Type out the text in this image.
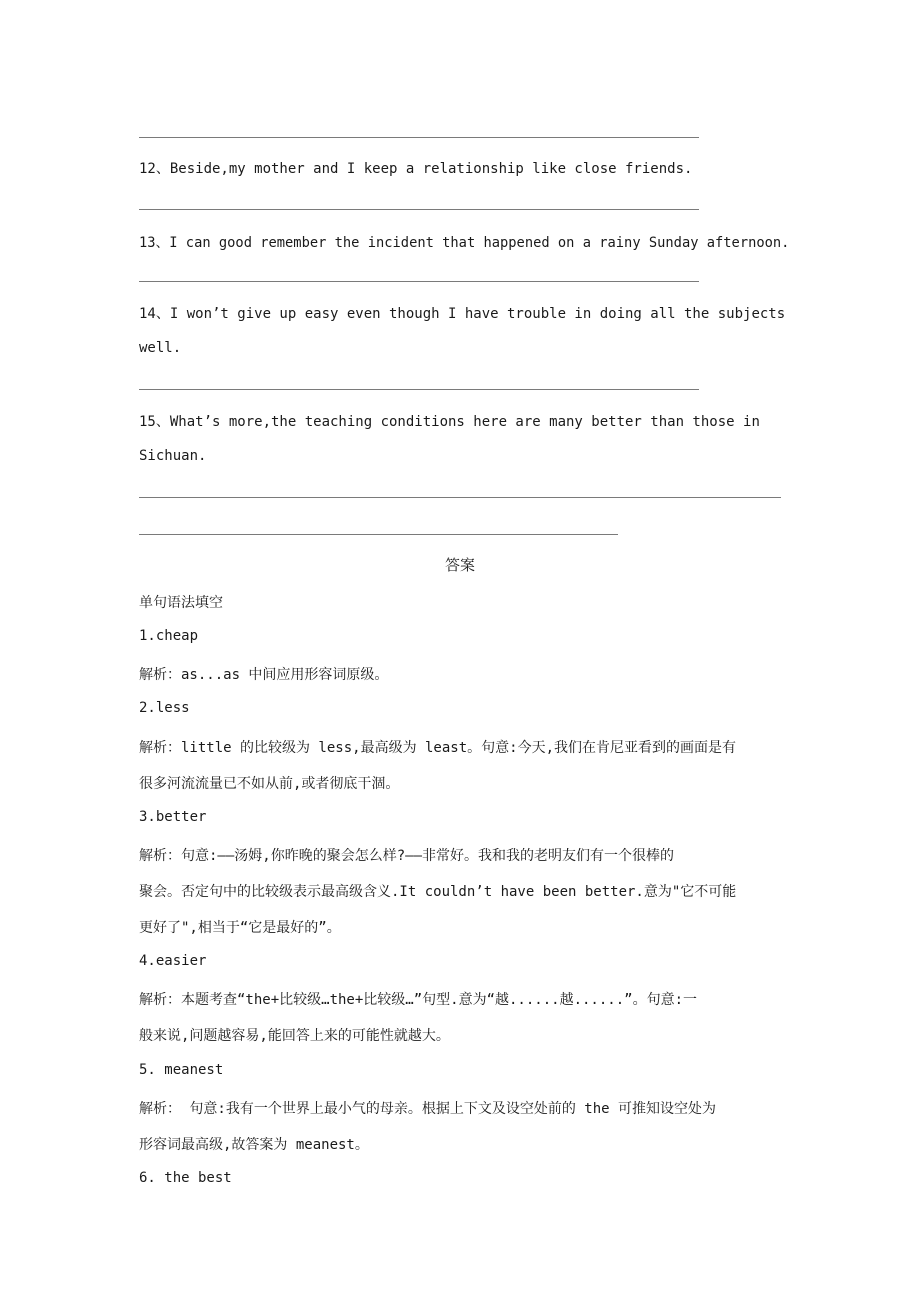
12、Beside,my mother and I keep a relationship like close friends.
13、I can good remember the incident that happened on a rainy Sunday afternoon.
14、I won’t give up easy even though I have trouble in doing all the subjects
well.
15、What’s more,the teaching conditions here are many better than those in
Sichuan.
答案
单句语法填空
1.cheap
解析：as...as 中间应用形容词原级。
2.less
解析：little 的比较级为 less,最高级为 least。句意:今天,我们在肯尼亚看到的画面是有
很多河流流量已不如从前,或者彻底干涸。
3.better
解析：句意:——汤姆,你昨晚的聚会怎么样?——非常好。我和我的老明友们有一个很棒的
聚会。否定句中的比较级表示最高级含义.It couldn’t have been better.意为"它不可能
更好了",相当于“它是最好的”。
4.easier
解析：本题考查“the+比较级…the+比较级…”句型.意为“越......越......”。句意:一
般来说,问题越容易,能回答上来的可能性就越大。
5. meanest
解析： 句意:我有一个世界上最小气的母亲。根据上下文及设空处前的 the 可推知设空处为
形容词最高级,故答案为 meanest。
6. the best
